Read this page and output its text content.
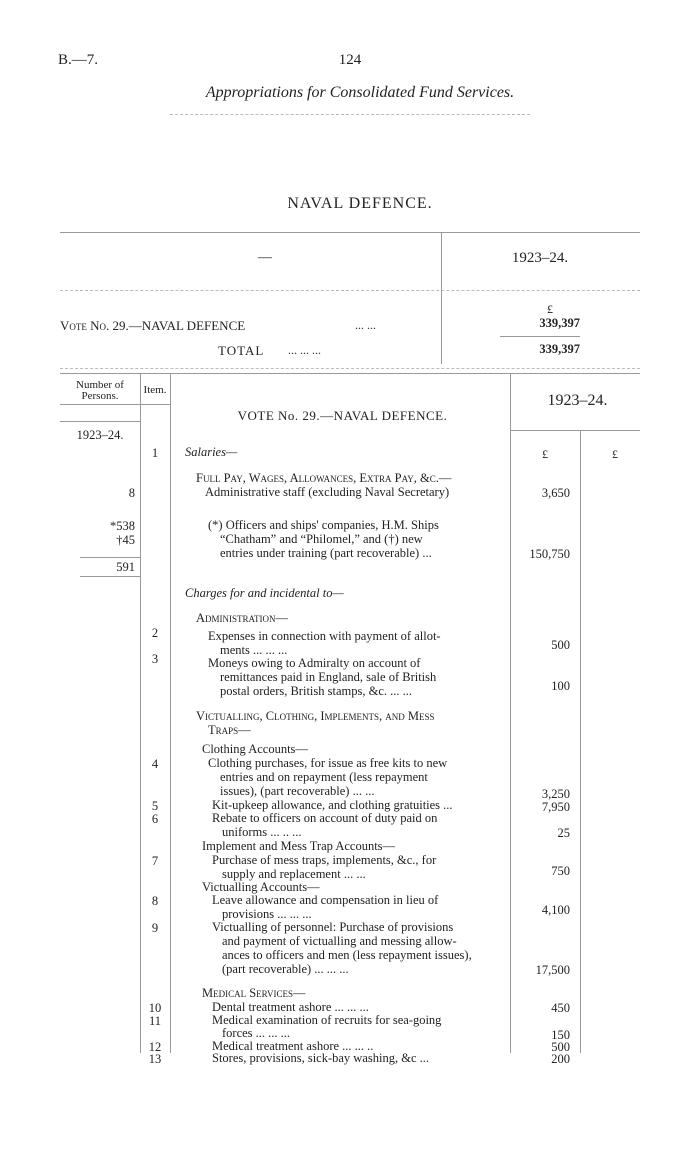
B.—7.	124
Appropriations for Consolidated Fund Services.
NAVAL DEFENCE.
—	1923–24.
£
Vote No. 29.—NAVAL DEFENCE	... ...	339,397
TOTAL ... ... ...	339,397
Number of Persons.	Item.
VOTE No. 29.—NAVAL DEFENCE.
1923–24.
1923–24.
£	£
1	Salaries—
Full Pay, Wages, Allowances, Extra Pay, &c.—
8	Administrative staff (excluding Naval Secretary)	3,650
*538	(*) Officers and ships' companies, H.M. Ships
†45	“Chatham” and “Philomel,” and (†) new
entries under training (part recoverable) ...	150,750
591
Charges for and incidental to—
Administration—
2	Expenses in connection with payment of allot-
ments ... ... ...	500
3	Moneys owing to Admiralty on account of
remittances paid in England, sale of British
postal orders, British stamps, &c. ... ...	100
Victualling, Clothing, Implements, and Mess
Traps—
Clothing Accounts—
4	Clothing purchases, for issue as free kits to new
entries and on repayment (less repayment
issues), (part recoverable) ... ...	3,250
5	Kit-upkeep allowance, and clothing gratuities ...	7,950
6	Rebate to officers on account of duty paid on
uniforms ... .. ...	25
Implement and Mess Trap Accounts—
7	Purchase of mess traps, implements, &c., for
supply and replacement ... ...	750
Victualling Accounts—
8	Leave allowance and compensation in lieu of
provisions ... ... ...	4,100
9	Victualling of personnel: Purchase of provisions
and payment of victualling and messing allow-
ances to officers and men (less repayment issues),
(part recoverable) ... ... ...	17,500
Medical Services—
10	Dental treatment ashore ... ... ...	450
11	Medical examination of recruits for sea-going
forces ... ... ...	150
12	Medical treatment ashore ... ... ..	500
13	Stores, provisions, sick-bay washing, &c ...	200
